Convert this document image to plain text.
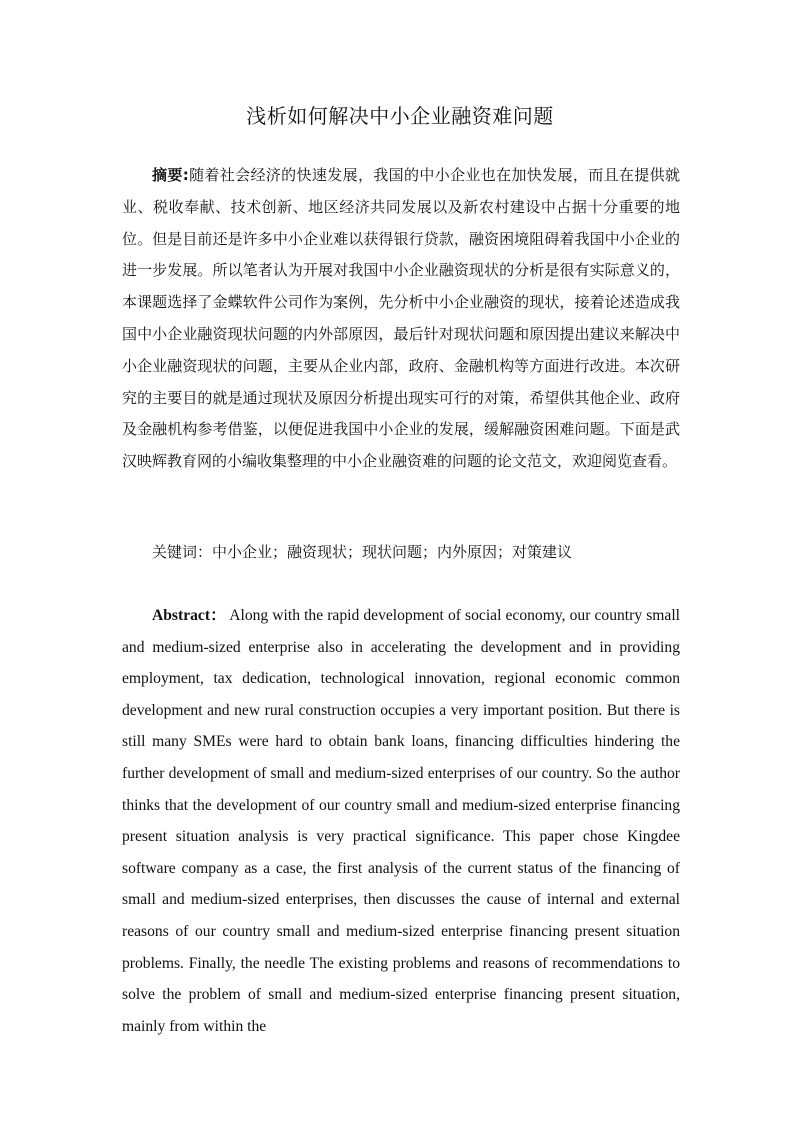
浅析如何解决中小企业融资难问题

摘要:随着社会经济的快速发展，我国的中小企业也在加快发展，而且在提供就业、税收奉献、技术创新、地区经济共同发展以及新农村建设中占据十分重要的地位。但是目前还是许多中小企业难以获得银行贷款，融资困境阻碍着我国中小企业的进一步发展。所以笔者认为开展对我国中小企业融资现状的分析是很有实际意义的，本课题选择了金蝶软件公司作为案例，先分析中小企业融资的现状，接着论述造成我国中小企业融资现状问题的内外部原因，最后针对现状问题和原因提出建议来解决中小企业融资现状的问题，主要从企业内部，政府、金融机构等方面进行改进。本次研究的主要目的就是通过现状及原因分析提出现实可行的对策，希望供其他企业、政府及金融机构参考借鉴，以便促进我国中小企业的发展，缓解融资困难问题。下面是武汉映辉教育网的小编收集整理的中小企业融资难的问题的论文范文，欢迎阅览查看。

关键词：中小企业；融资现状；现状问题；内外原因；对策建议

Abstract： Along with the rapid development of social economy, our country small and medium-sized enterprise also in accelerating the development and in providing employment, tax dedication, technological innovation, regional economic common development and new rural construction occupies a very important position. But there is still many SMEs were hard to obtain bank loans, financing difficulties hindering the further development of small and medium-sized enterprises of our country. So the author thinks that the development of our country small and medium-sized enterprise financing present situation analysis is very practical significance. This paper chose Kingdee software company as a case, the first analysis of the current status of the financing of small and medium-sized enterprises, then discusses the cause of internal and external reasons of our country small and medium-sized enterprise financing present situation problems. Finally, the needle The existing problems and reasons of recommendations to solve the problem of small and medium-sized enterprise financing present situation, mainly from within the
